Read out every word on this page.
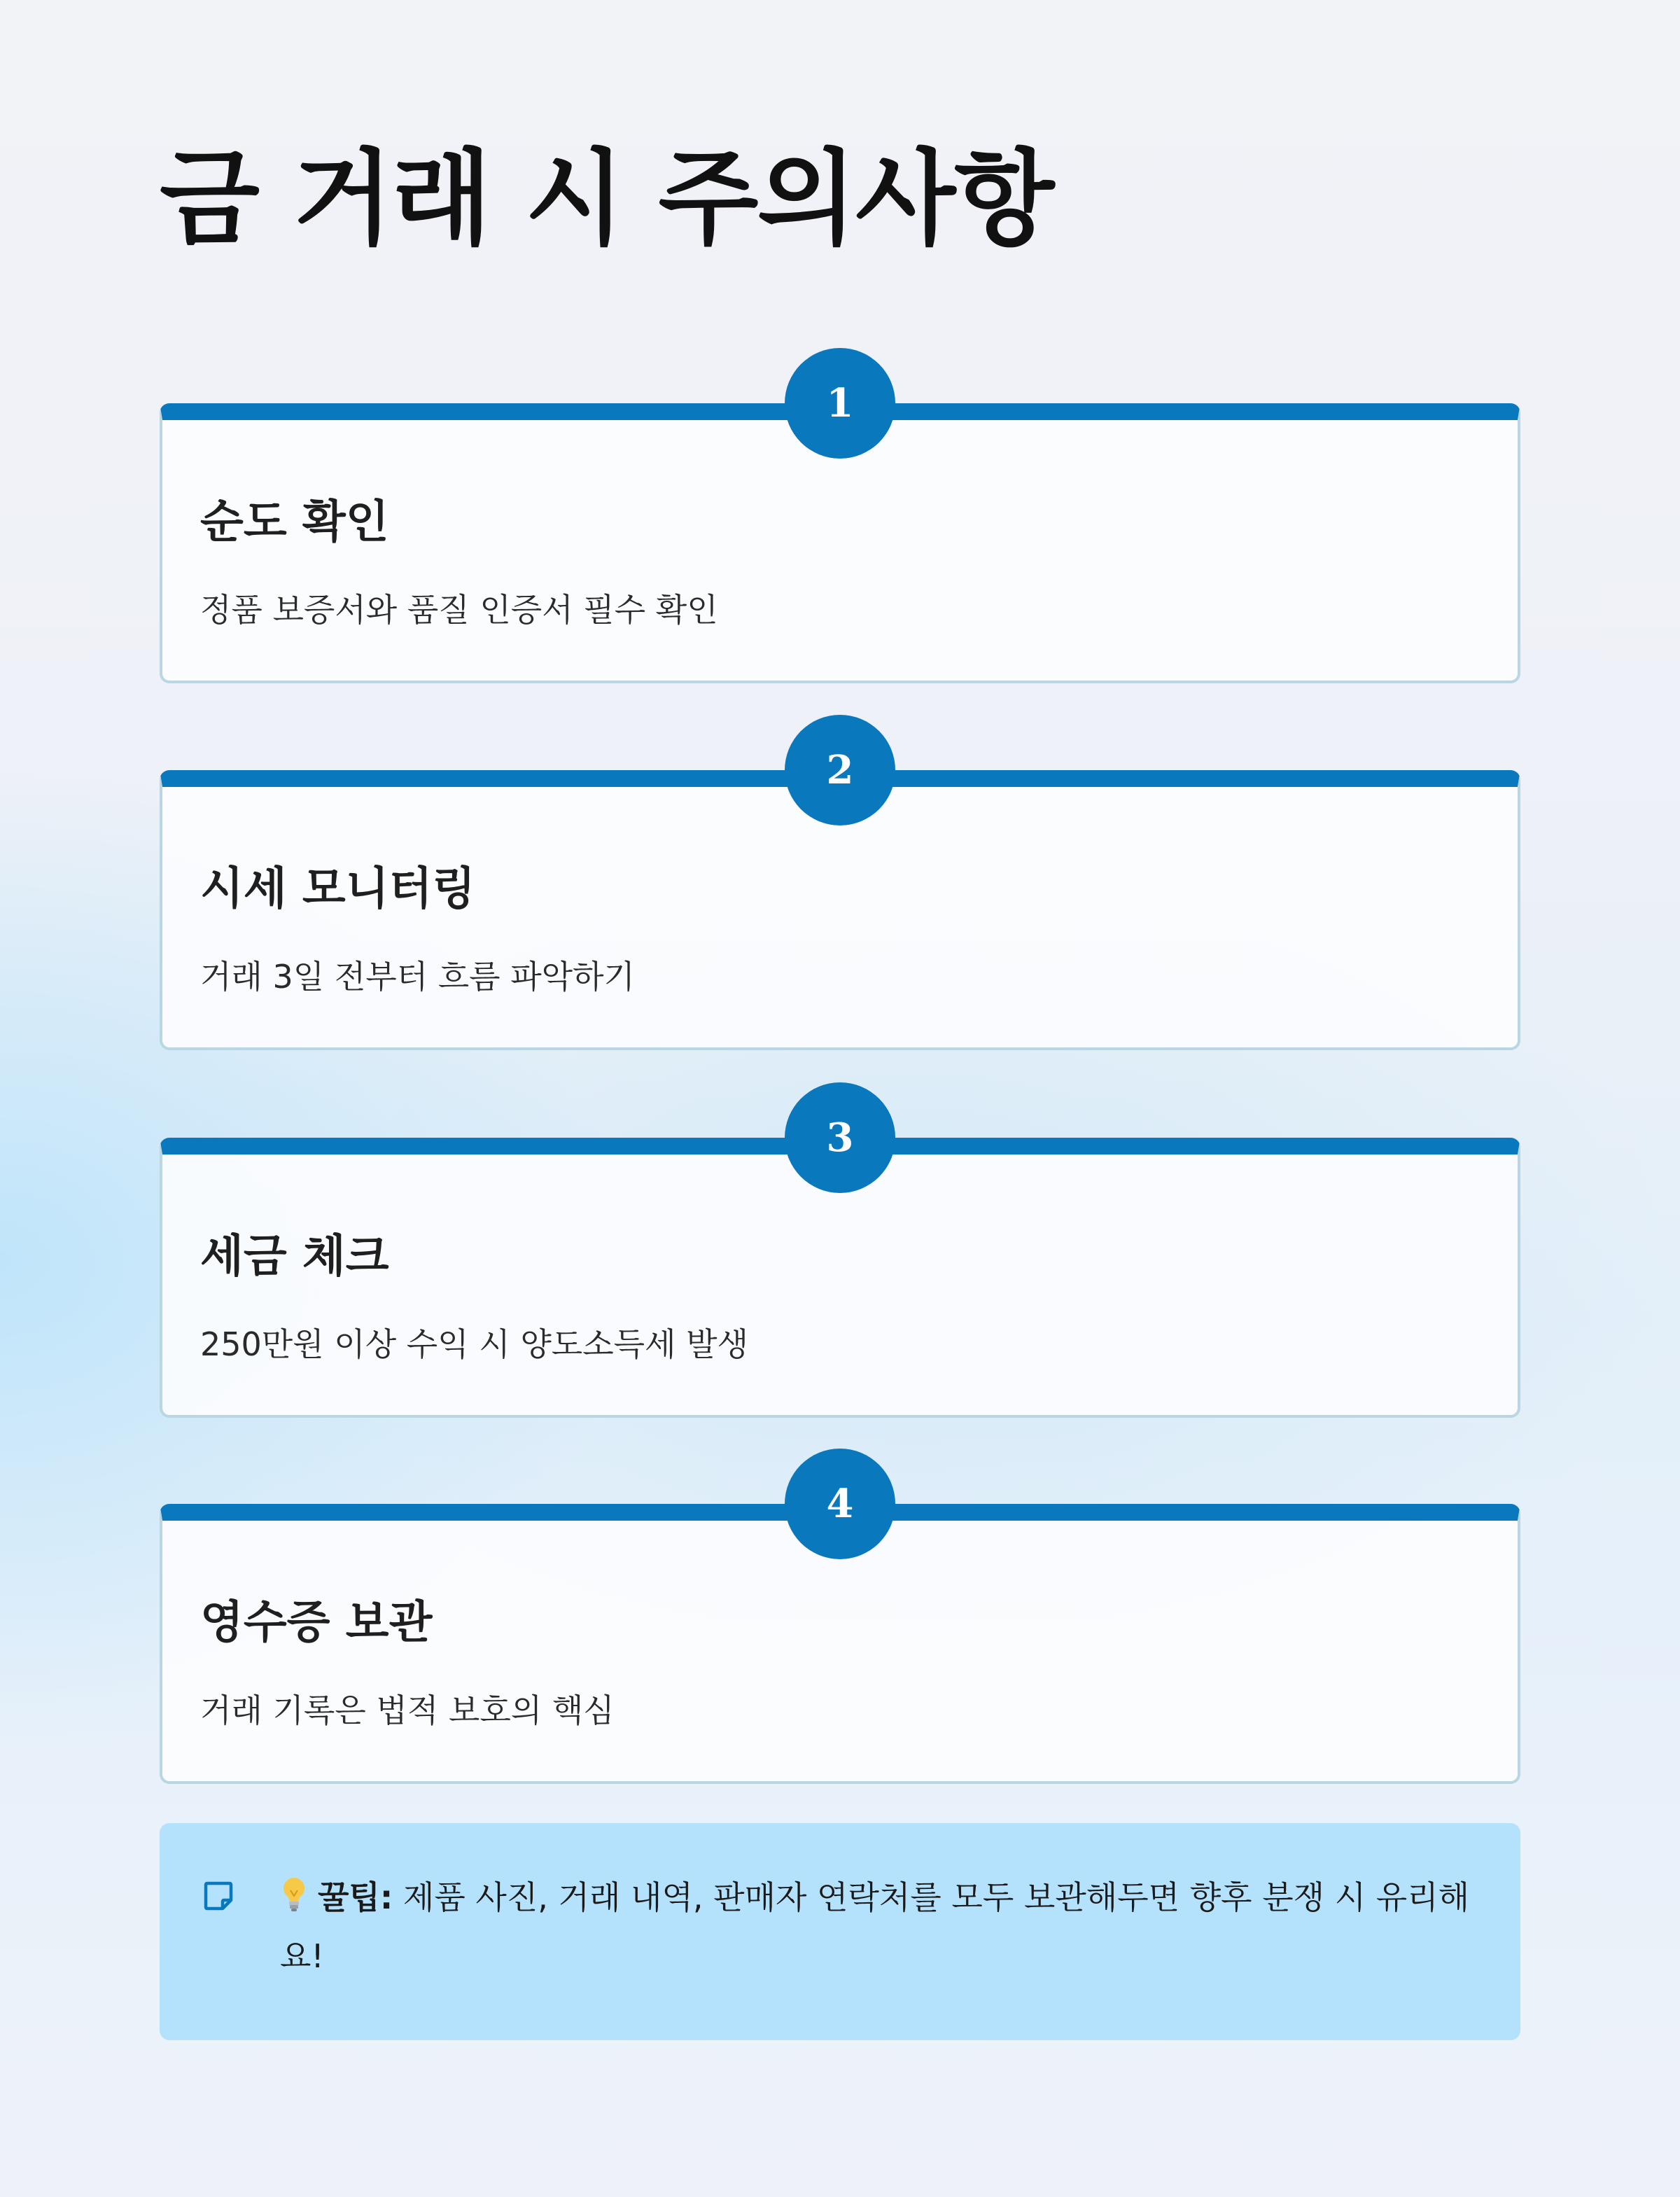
금 거래 시 주의사항
1
순도 확인

정품 보증서와 품질 인증서 필수 확인

2
시세 모니터링

거래 3일 전부터 흐름 파악하기

3
세금 체크

250만원 이상 수익 시 양도소득세 발생

4
영수증 보관

거래 기록은 법적 보호의 핵심

꿀팁: 제품 사진, 거래 내역, 판매자 연락처를 모두 보관해두면 향후 분쟁 시 유리해요!
